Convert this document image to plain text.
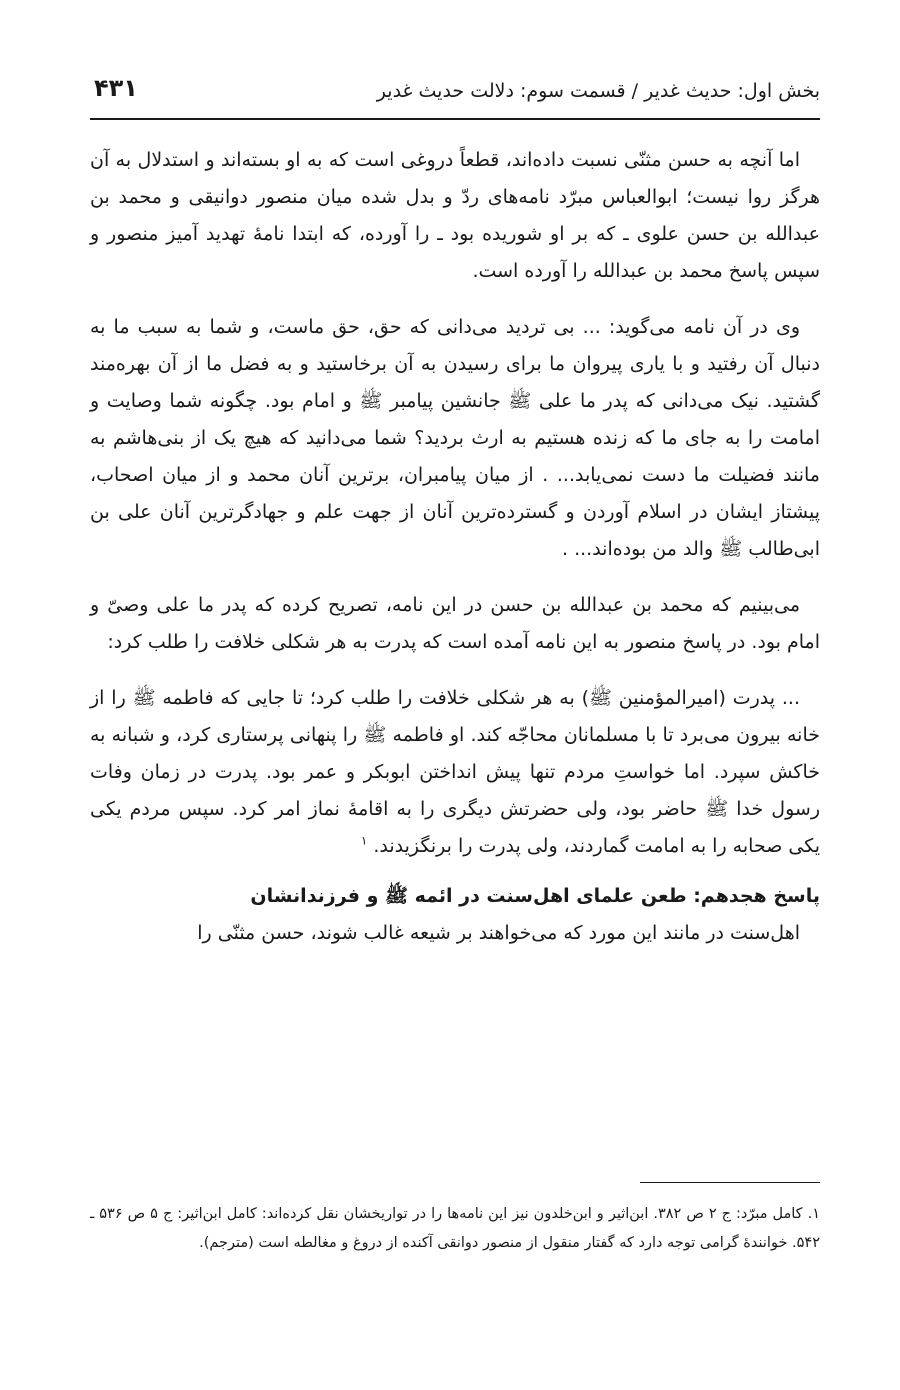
بخش اول: حدیث غدیر / قسمت سوم: دلالت حدیث غدیر
۴۳۱

اما آنچه به حسن مثنّی نسبت داده‌اند، قطعاً دروغی است که به او بسته‌اند و استدلال به آن هرگز روا نیست؛ ابوالعباس مبرّد نامه‌های ردّ و بدل شده میان منصور دوانیقی و محمد بن عبدالله بن حسن علوی ـ که بر او شوریده بود ـ را آورده، که ابتدا نامهٔ تهدید آمیز منصور و سپس پاسخ محمد بن عبدالله را آورده است.

وی در آن نامه می‌گوید: ... بی تردید می‌دانی که حق، حق ماست، و شما به سبب ما به دنبال آن رفتید و با یاری پیروان ما برای رسیدن به آن برخاستید و به فضل ما از آن بهره‌مند گشتید. نیک می‌دانی که پدر ما علی ﷺ جانشین پیامبر ﷺ و امام بود. چگونه شما وصایت و امامت را به جای ما که زنده هستیم به ارث بردید؟ شما می‌دانید که هیچ یک از بنی‌هاشم به مانند فضیلت ما دست نمی‌یابد... . از میان پیامبران، برترین آنان محمد و از میان اصحاب، پیشتاز ایشان در اسلام آوردن و گسترده‌ترین آنان از جهت علم و جهادگرترین آنان علی بن ابی‌طالب ﷺ والد من بوده‌اند... .

می‌بینیم که محمد بن عبدالله بن حسن در این نامه، تصریح کرده که پدر ما علی وصیّ و امام بود. در پاسخ منصور به این نامه آمده است که پدرت به هر شکلی خلافت را طلب کرد:

... پدرت (امیرالمؤمنین ﷺ) به هر شکلی خلافت را طلب کرد؛ تا جایی که فاطمه ﷺ را از خانه بیرون می‌برد تا با مسلمانان محاجّه کند. او فاطمه ﷺ را پنهانی پرستاری کرد، و شبانه به خاکش سپرد. اما خواستِ مردم تنها پیش انداختن ابوبکر و عمر بود. پدرت در زمان وفات رسول خدا ﷺ حاضر بود، ولی حضرتش دیگری را به اقامهٔ نماز امر کرد. سپس مردم یکی یکی صحابه را به امامت گماردند، ولی پدرت را برنگزیدند. $^۱$

پاسخ هجدهم: طعن علمای اهل‌سنت در ائمه ﷺ و فرزندانشان

اهل‌سنت در مانند این مورد که می‌خواهند بر شیعه غالب شوند، حسن مثنّی را

۱. کامل مبرّد: ج ۲ ص ۳۸۲. ابن‌اثیر و ابن‌خلدون نیز این نامه‌ها را در تواریخشان نقل کرده‌اند: کامل ابن‌اثیر: ج ۵ ص ۵۳۶ ـ ۵۴۲. خوانندهٔ گرامی توجه دارد که گفتار منقول از منصور دوانقی آکنده از دروغ و مغالطه است (مترجم).
